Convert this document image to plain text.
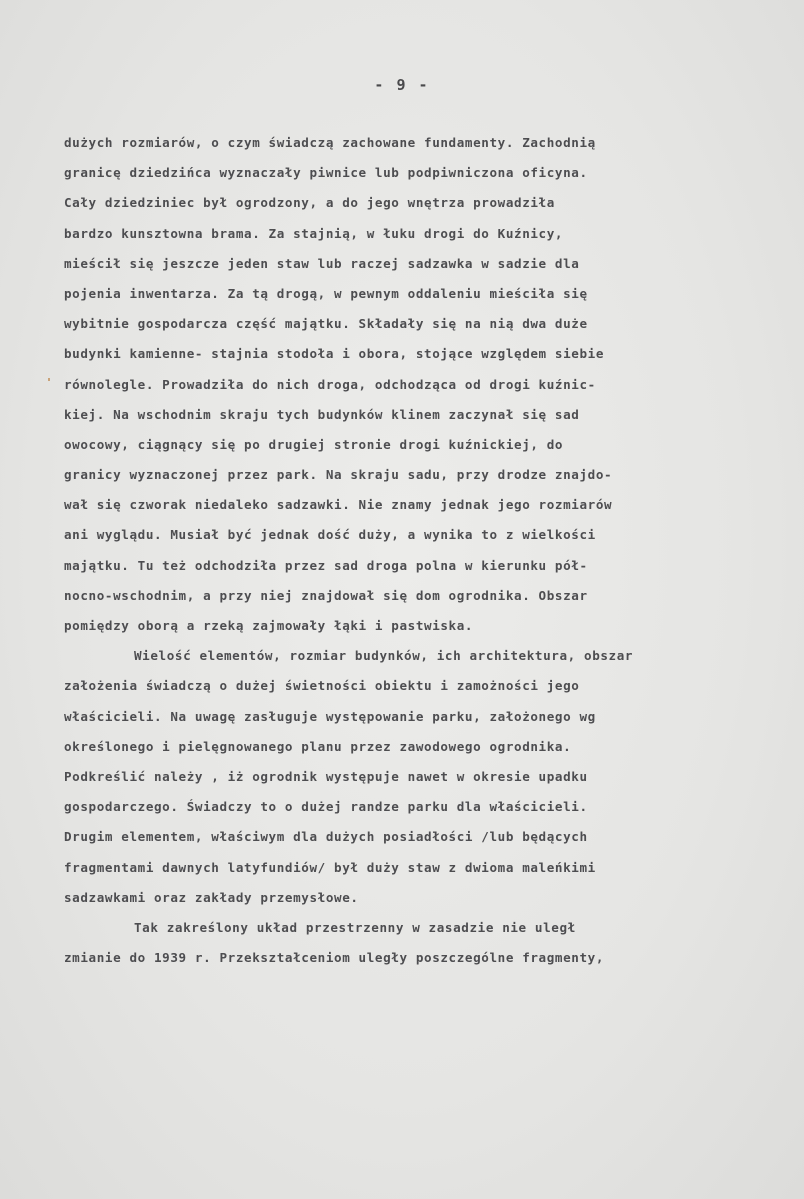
- 9 -
dużych rozmiarów, o czym świadczą zachowane fundamenty. Zachodnią
granicę dziedzińca wyznaczały piwnice lub podpiwniczona oficyna.
Cały dziedziniec był ogrodzony, a do jego wnętrza prowadziła
bardzo kunsztowna brama. Za stajnią, w łuku drogi do Kuźnicy,
mieścił się jeszcze jeden staw lub raczej sadzawka w sadzie dla
pojenia inwentarza. Za tą drogą, w pewnym oddaleniu mieściła się
wybitnie gospodarcza część majątku. Składały się na nią dwa duże
budynki kamienne- stajnia stodoła i obora, stojące względem siebie
równolegle. Prowadziła do nich droga, odchodząca od drogi kuźnic-
kiej. Na wschodnim skraju tych budynków klinem zaczynał się sad
owocowy, ciągnący się po drugiej stronie drogi kuźnickiej, do
granicy wyznaczonej przez park. Na skraju sadu, przy drodze znajdo-
wał się czworak niedaleko sadzawki. Nie znamy jednak jego rozmiarów
ani wyglądu. Musiał być jednak dość duży, a wynika to z wielkości
majątku. Tu też odchodziła przez sad droga polna w kierunku pół-
nocno-wschodnim, a przy niej znajdował się dom ogrodnika. Obszar
pomiędzy oborą a rzeką zajmowały łąki i pastwiska.
Wielość elementów, rozmiar budynków, ich architektura, obszar
założenia świadczą o dużej świetności obiektu i zamożności jego
właścicieli. Na uwagę zasługuje występowanie parku, założonego wg
określonego i pielęgnowanego planu przez zawodowego ogrodnika.
Podkreślić należy , iż ogrodnik występuje nawet w okresie upadku
gospodarczego. Świadczy to o dużej randze parku dla właścicieli.
Drugim elementem, właściwym dla dużych posiadłości /lub będących
fragmentami dawnych latyfundiów/ był duży staw z dwioma maleńkimi
sadzawkami oraz zakłady przemysłowe.
Tak zakreślony układ przestrzenny w zasadzie nie uległ
zmianie do 1939 r. Przekształceniom uległy poszczególne fragmenty,
